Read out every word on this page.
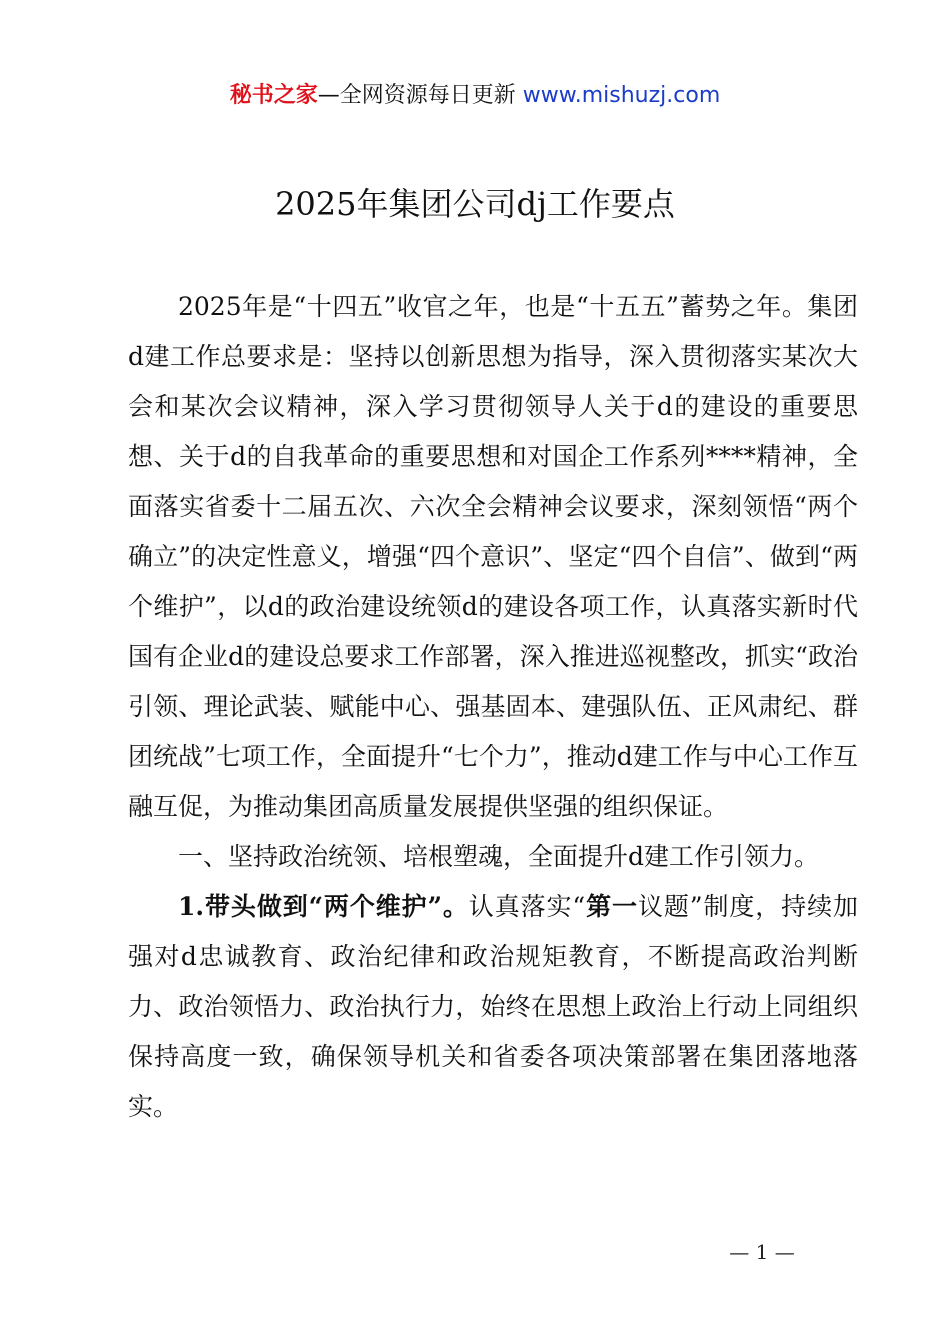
秘书之家—全网资源每日更新 www.mishuzj.com
2025年集团公司dj工作要点

2025年是“十四五”收官之年，也是“十五五”蓄势之年。集团d建工作总要求是：坚持以创新思想为指导，深入贯彻落实某次大会和某次会议精神，深入学习贯彻领导人关于d的建设的重要思想、关于d的自我革命的重要思想和对国企工作系列****精神，全面落实省委十二届五次、六次全会精神会议要求，深刻领悟“两个确立”的决定性意义，增强“四个意识”、坚定“四个自信”、做到“两个维护”，以d的政治建设统领d的建设各项工作，认真落实新时代国有企业d的建设总要求工作部署，深入推进巡视整改，抓实“政治引领、理论武装、赋能中心、强基固本、建强队伍、正风肃纪、群团统战”七项工作，全面提升“七个力”，推动d建工作与中心工作互融互促，为推动集团高质量发展提供坚强的组织保证。

一、坚持政治统领、培根塑魂，全面提升d建工作引领力。

1.带头做到“两个维护”。认真落实“第一议题”制度，持续加强对d忠诚教育、政治纪律和政治规矩教育，不断提高政治判断力、政治领悟力、政治执行力，始终在思想上政治上行动上同组织保持高度一致，确保领导机关和省委各项决策部署在集团落地落实。

— 1 —
